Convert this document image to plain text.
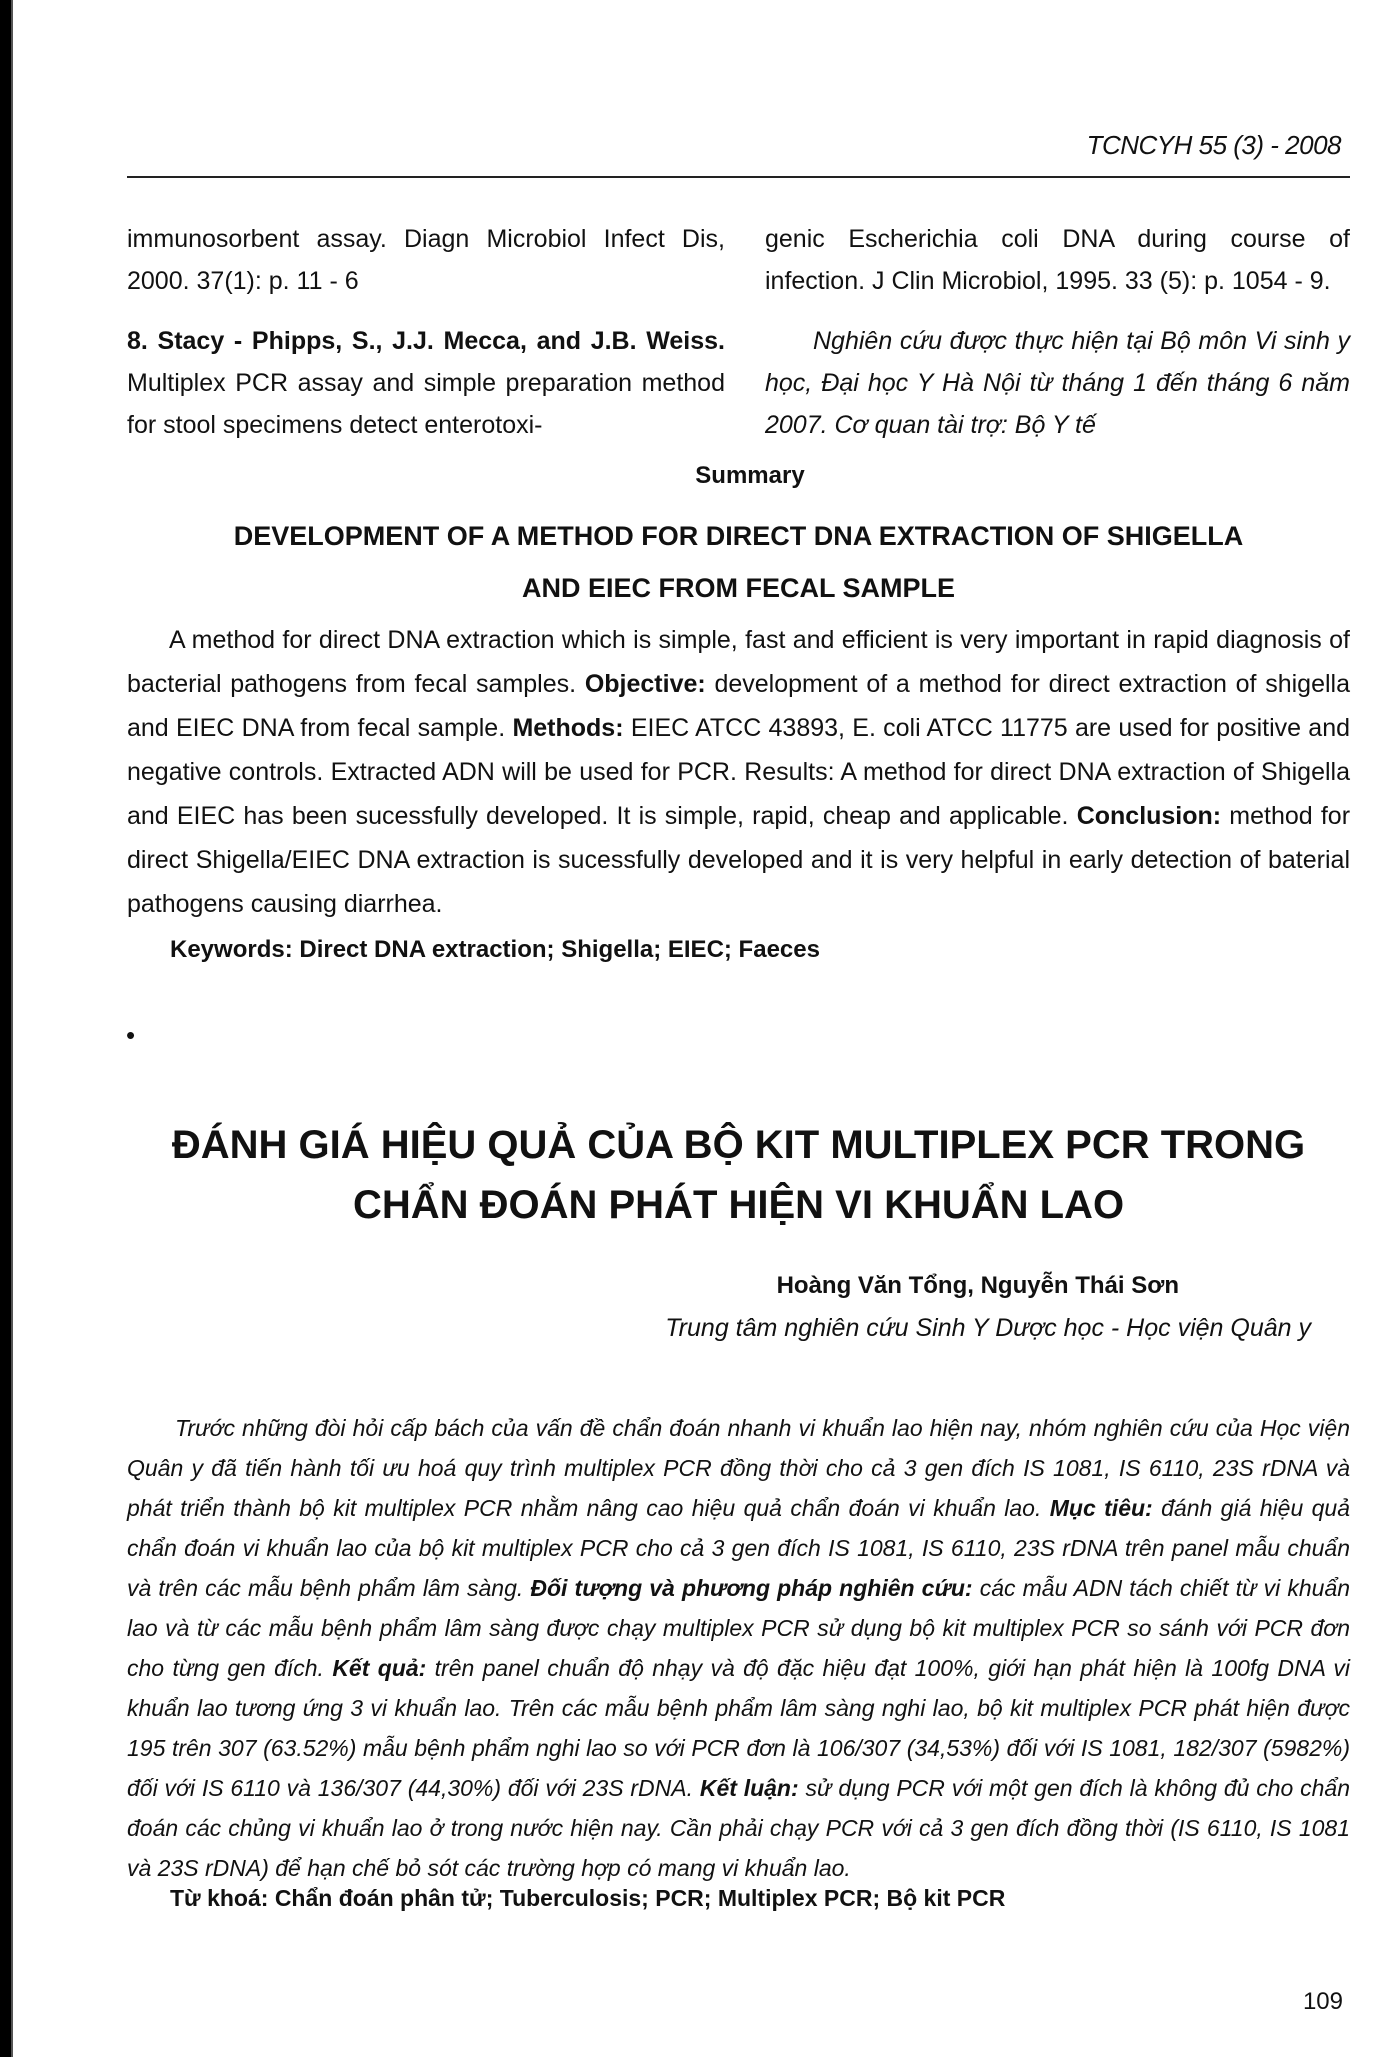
TCNCYH 55 (3) - 2008

immunosorbent assay. Diagn Microbiol Infect Dis, 2000. 37(1): p. 11 - 6

8. Stacy - Phipps, S., J.J. Mecca, and J.B. Weiss. Multiplex PCR assay and simple preparation method for stool specimens detect enterotoxi-

genic Escherichia coli DNA during course of infection. J Clin Microbiol, 1995. 33 (5): p. 1054 - 9.

Nghiên cứu được thực hiện tại Bộ môn Vi sinh y học, Đại học Y Hà Nội từ tháng 1 đến tháng 6 năm 2007. Cơ quan tài trợ: Bộ Y tế

Summary
DEVELOPMENT OF A METHOD FOR DIRECT DNA EXTRACTION OF SHIGELLA
AND EIEC FROM FECAL SAMPLE

A method for direct DNA extraction which is simple, fast and efficient is very important in rapid diagnosis of bacterial pathogens from fecal samples. Objective: development of a method for direct extraction of shigella and EIEC DNA from fecal sample. Methods: EIEC ATCC 43893, E. coli ATCC 11775 are used for positive and negative controls. Extracted ADN will be used for PCR. Results: A method for direct DNA extraction of Shigella and EIEC has been sucessfully developed. It is simple, rapid, cheap and applicable. Conclusion: method for direct Shigella/EIEC DNA extraction is sucessfully developed and it is very helpful in early detection of baterial pathogens causing diarrhea.

Keywords: Direct DNA extraction; Shigella; EIEC; Faeces
•
ĐÁNH GIÁ HIỆU QUẢ CỦA BỘ KIT MULTIPLEX PCR TRONG
CHẨN ĐOÁN PHÁT HIỆN VI KHUẨN LAO
Hoàng Văn Tổng, Nguyễn Thái Sơn
Trung tâm nghiên cứu Sinh Y Dược học - Học viện Quân y

Trước những đòi hỏi cấp bách của vấn đề chẩn đoán nhanh vi khuẩn lao hiện nay, nhóm nghiên cứu của Học viện Quân y đã tiến hành tối ưu hoá quy trình multiplex PCR đồng thời cho cả 3 gen đích IS 1081, IS 6110, 23S rDNA và phát triển thành bộ kit multiplex PCR nhằm nâng cao hiệu quả chẩn đoán vi khuẩn lao. Mục tiêu: đánh giá hiệu quả chẩn đoán vi khuẩn lao của bộ kit multiplex PCR cho cả 3 gen đích IS 1081, IS 6110, 23S rDNA trên panel mẫu chuẩn và trên các mẫu bệnh phẩm lâm sàng. Đối tượng và phương pháp nghiên cứu: các mẫu ADN tách chiết từ vi khuẩn lao và từ các mẫu bệnh phẩm lâm sàng được chạy multiplex PCR sử dụng bộ kit multiplex PCR so sánh với PCR đơn cho từng gen đích. Kết quả: trên panel chuẩn độ nhạy và độ đặc hiệu đạt 100%, giới hạn phát hiện là 100fg DNA vi khuẩn lao tương ứng 3 vi khuẩn lao. Trên các mẫu bệnh phẩm lâm sàng nghi lao, bộ kit multiplex PCR phát hiện được 195 trên 307 (63.52%) mẫu bệnh phẩm nghi lao so với PCR đơn là 106/307 (34,53%) đối với IS 1081, 182/307 (5982%) đối với IS 6110 và 136/307 (44,30%) đối với 23S rDNA. Kết luận: sử dụng PCR với một gen đích là không đủ cho chẩn đoán các chủng vi khuẩn lao ở trong nước hiện nay. Cần phải chạy PCR với cả 3 gen đích đồng thời (IS 6110, IS 1081 và 23S rDNA) để hạn chế bỏ sót các trường hợp có mang vi khuẩn lao.

Từ khoá: Chẩn đoán phân tử; Tuberculosis; PCR; Multiplex PCR; Bộ kit PCR
109
